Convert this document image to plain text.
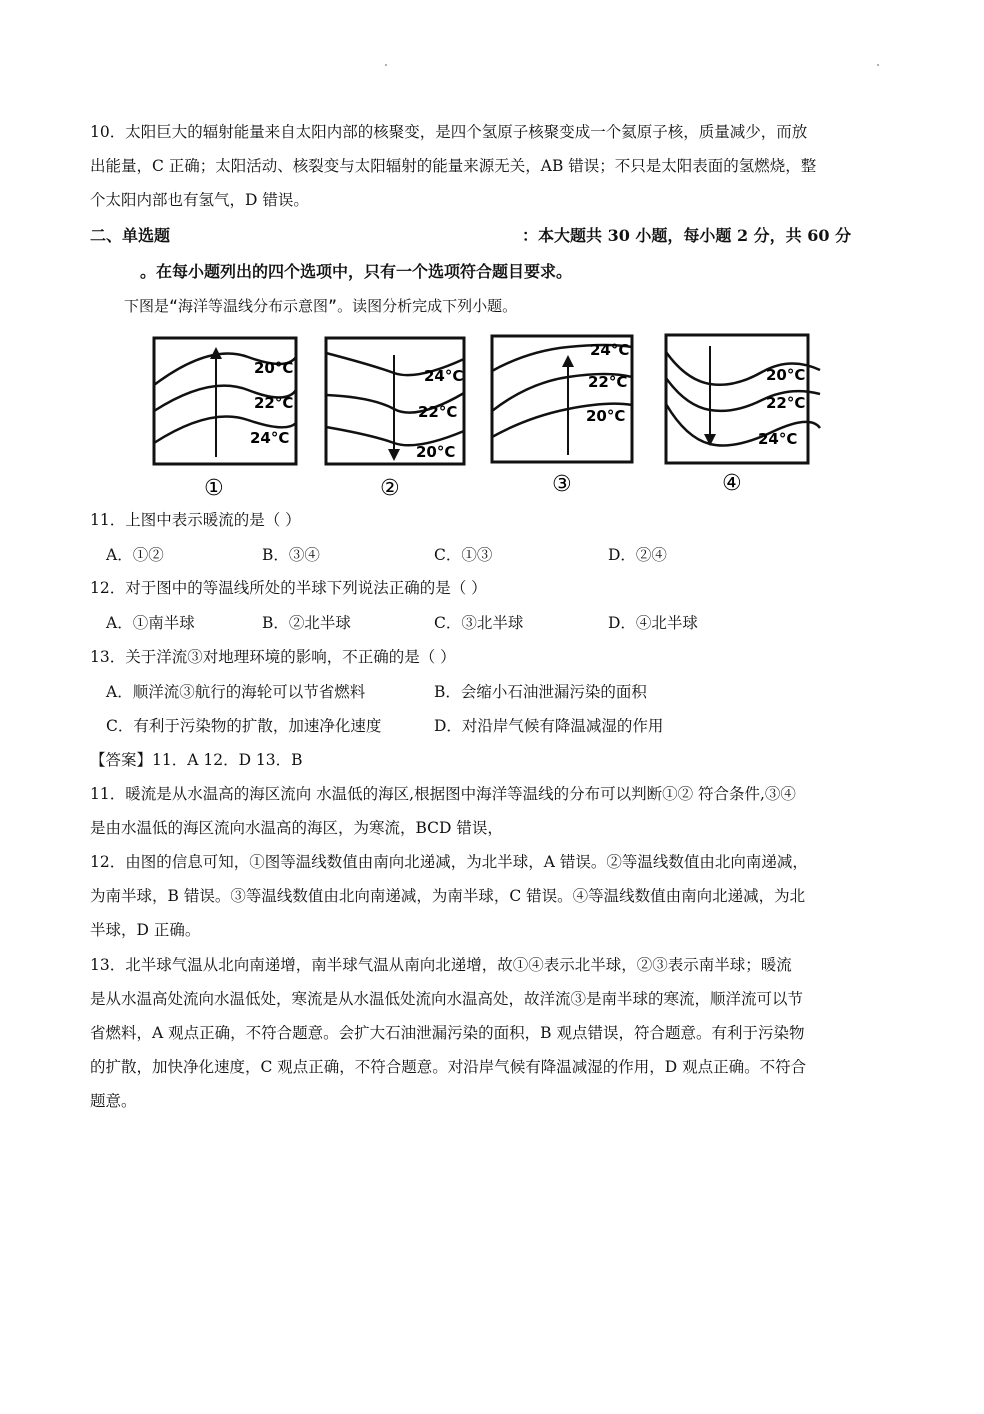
10．太阳巨大的辐射能量来自太阳内部的核聚变，是四个氢原子核聚变成一个氦原子核，质量减少，而放
出能量，C 正确；太阳活动、核裂变与太阳辐射的能量来源无关，AB 错误；不只是太阳表面的氢燃烧，整
个太阳内部也有氢气，D 错误。
二、单选题	：本大题共 30 小题，每小题 2 分，共 60 分
。在每小题列出的四个选项中，只有一个选项符合题目要求。
下图是“海洋等温线分布示意图”。读图分析完成下列小题。
20°C
22°C
24°C
①
24°C
22°C
20°C
②
24°C
22°C
20°C
③
20°C
22°C
24°C
④
11．上图中表示暖流的是（ ）
A．①②	B．③④	C．①③	D．②④
12．对于图中的等温线所处的半球下列说法正确的是（ ）
A．①南半球	B．②北半球	C．③北半球	D．④北半球
13．关于洋流③对地理环境的影响，不正确的是（ ）
A．顺洋流③航行的海轮可以节省燃料	B．会缩小石油泄漏污染的面积
C．有利于污染物的扩散，加速净化速度	D．对沿岸气候有降温减湿的作用
【答案】11．A 12．D 13．B
11．暖流是从水温高的海区流向 水温低的海区,根据图中海洋等温线的分布可以判断①② 符合条件,③④
是由水温低的海区流向水温高的海区，为寒流，BCD 错误，
12．由图的信息可知，①图等温线数值由南向北递减，为北半球，A 错误。②等温线数值由北向南递减，
为南半球，B 错误。③等温线数值由北向南递减，为南半球，C 错误。④等温线数值由南向北递减，为北
半球，D 正确。
13．北半球气温从北向南递增，南半球气温从南向北递增，故①④表示北半球，②③表示南半球；暖流
是从水温高处流向水温低处，寒流是从水温低处流向水温高处，故洋流③是南半球的寒流，顺洋流可以节
省燃料，A 观点正确，不符合题意。会扩大石油泄漏污染的面积，B 观点错误，符合题意。有利于污染物
的扩散，加快净化速度，C 观点正确，不符合题意。对沿岸气候有降温减湿的作用，D 观点正确。不符合
题意。
